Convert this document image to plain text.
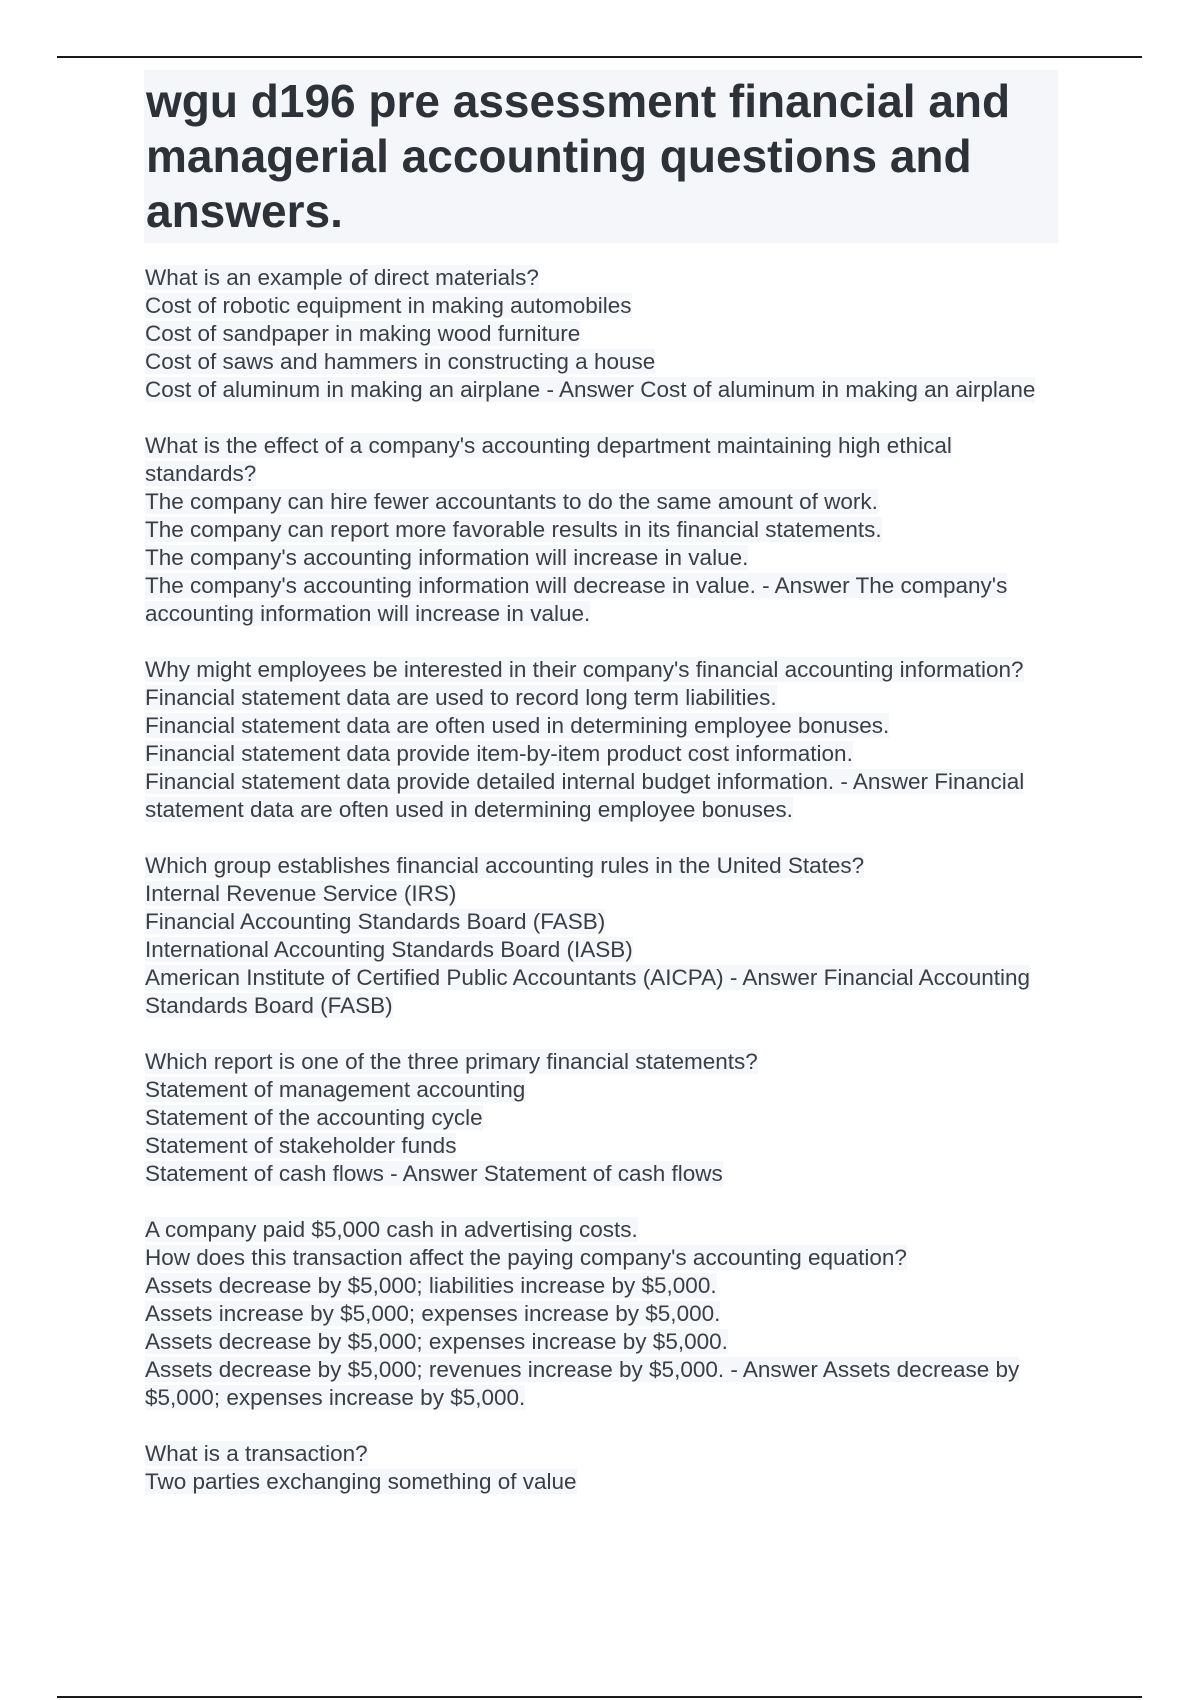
wgu d196 pre assessment financial and managerial accounting questions and answers.
What is an example of direct materials?
Cost of robotic equipment in making automobiles
Cost of sandpaper in making wood furniture
Cost of saws and hammers in constructing a house
Cost of aluminum in making an airplane - Answer Cost of aluminum in making an airplane
What is the effect of a company's accounting department maintaining high ethical standards?
The company can hire fewer accountants to do the same amount of work.
The company can report more favorable results in its financial statements.
The company's accounting information will increase in value.
The company's accounting information will decrease in value. - Answer The company's accounting information will increase in value.
Why might employees be interested in their company's financial accounting information?
Financial statement data are used to record long term liabilities.
Financial statement data are often used in determining employee bonuses.
Financial statement data provide item-by-item product cost information.
Financial statement data provide detailed internal budget information. - Answer Financial statement data are often used in determining employee bonuses.
Which group establishes financial accounting rules in the United States?
Internal Revenue Service (IRS)
Financial Accounting Standards Board (FASB)
International Accounting Standards Board (IASB)
American Institute of Certified Public Accountants (AICPA) - Answer Financial Accounting Standards Board (FASB)
Which report is one of the three primary financial statements?
Statement of management accounting
Statement of the accounting cycle
Statement of stakeholder funds
Statement of cash flows - Answer Statement of cash flows
A company paid $5,000 cash in advertising costs.
How does this transaction affect the paying company's accounting equation?
Assets decrease by $5,000; liabilities increase by $5,000.
Assets increase by $5,000; expenses increase by $5,000.
Assets decrease by $5,000; expenses increase by $5,000.
Assets decrease by $5,000; revenues increase by $5,000. - Answer Assets decrease by $5,000; expenses increase by $5,000.
What is a transaction?
Two parties exchanging something of value
